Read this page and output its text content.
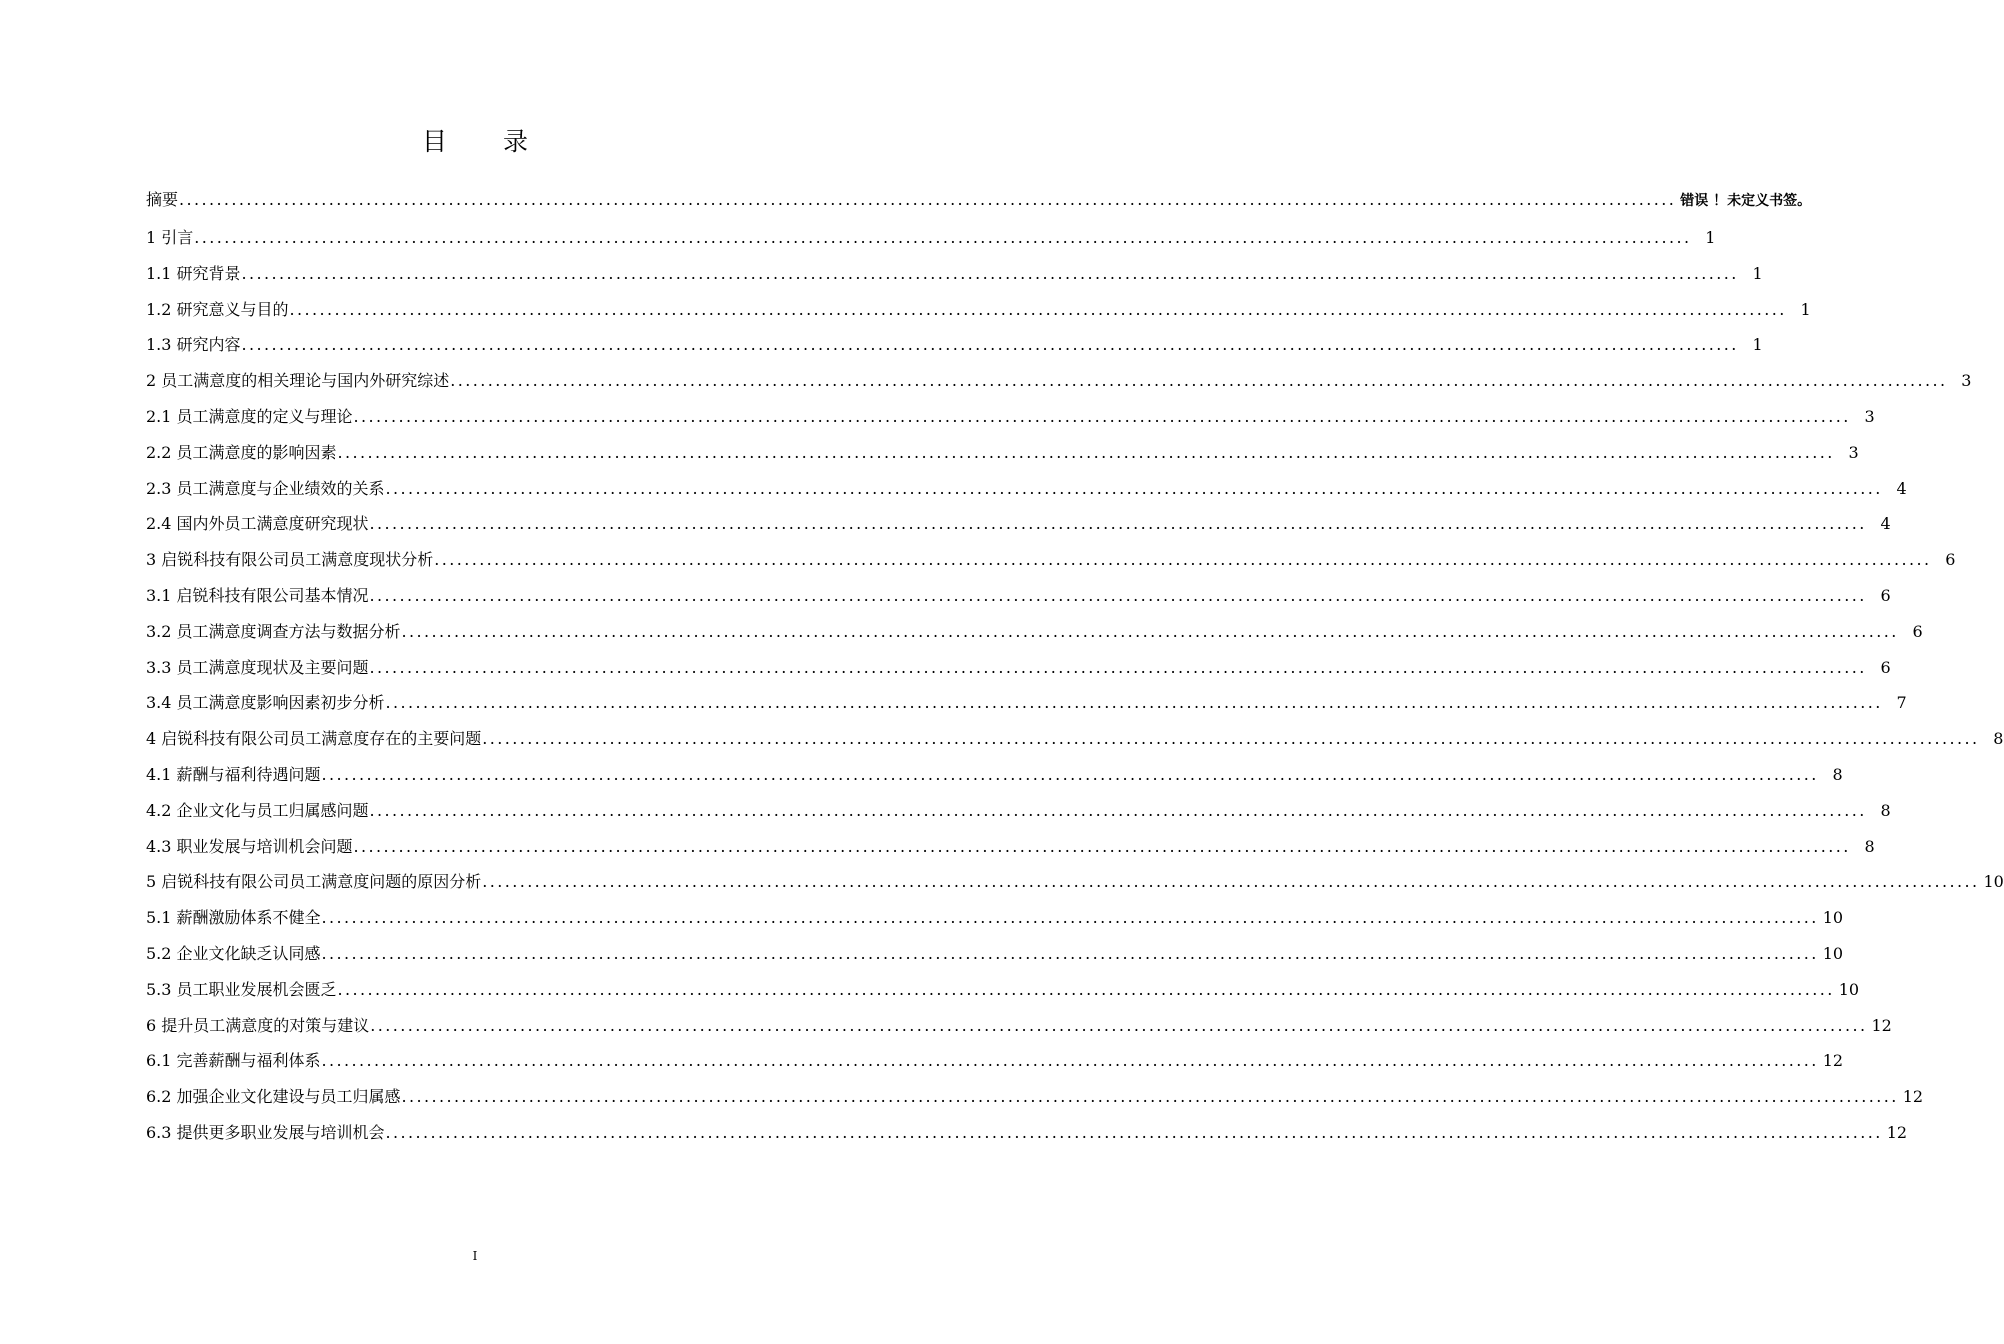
目 录
摘要 ........................................................................................................................................................................................................ 错误 ！未定义书签。
1 引言 ........................................................................................................................................................................................................ 1
1.1 研究背景 ........................................................................................................................................................................................................ 1
1.2 研究意义与目的 ........................................................................................................................................................................................................ 1
1.3 研究内容 ........................................................................................................................................................................................................ 1
2 员工满意度的相关理论与国内外研究综述 ........................................................................................................................................................................................................ 3
2.1 员工满意度的定义与理论 ........................................................................................................................................................................................................ 3
2.2 员工满意度的影响因素 ........................................................................................................................................................................................................ 3
2.3 员工满意度与企业绩效的关系 ........................................................................................................................................................................................................ 4
2.4 国内外员工满意度研究现状 ........................................................................................................................................................................................................ 4
3 启锐科技有限公司员工满意度现状分析 ........................................................................................................................................................................................................ 6
3.1 启锐科技有限公司基本情况 ........................................................................................................................................................................................................ 6
3.2 员工满意度调查方法与数据分析 ........................................................................................................................................................................................................ 6
3.3 员工满意度现状及主要问题 ........................................................................................................................................................................................................ 6
3.4 员工满意度影响因素初步分析 ........................................................................................................................................................................................................ 7
4 启锐科技有限公司员工满意度存在的主要问题 ........................................................................................................................................................................................................ 8
4.1 薪酬与福利待遇问题 ........................................................................................................................................................................................................ 8
4.2 企业文化与员工归属感问题 ........................................................................................................................................................................................................ 8
4.3 职业发展与培训机会问题 ........................................................................................................................................................................................................ 8
5 启锐科技有限公司员工满意度问题的原因分析 ........................................................................................................................................................................................................ 10
5.1 薪酬激励体系不健全 ........................................................................................................................................................................................................ 10
5.2 企业文化缺乏认同感 ........................................................................................................................................................................................................ 10
5.3 员工职业发展机会匮乏 ........................................................................................................................................................................................................ 10
6 提升员工满意度的对策与建议 ........................................................................................................................................................................................................ 12
6.1 完善薪酬与福利体系 ........................................................................................................................................................................................................ 12
6.2 加强企业文化建设与员工归属感 ........................................................................................................................................................................................................ 12
6.3 提供更多职业发展与培训机会 ........................................................................................................................................................................................................ 12
I
